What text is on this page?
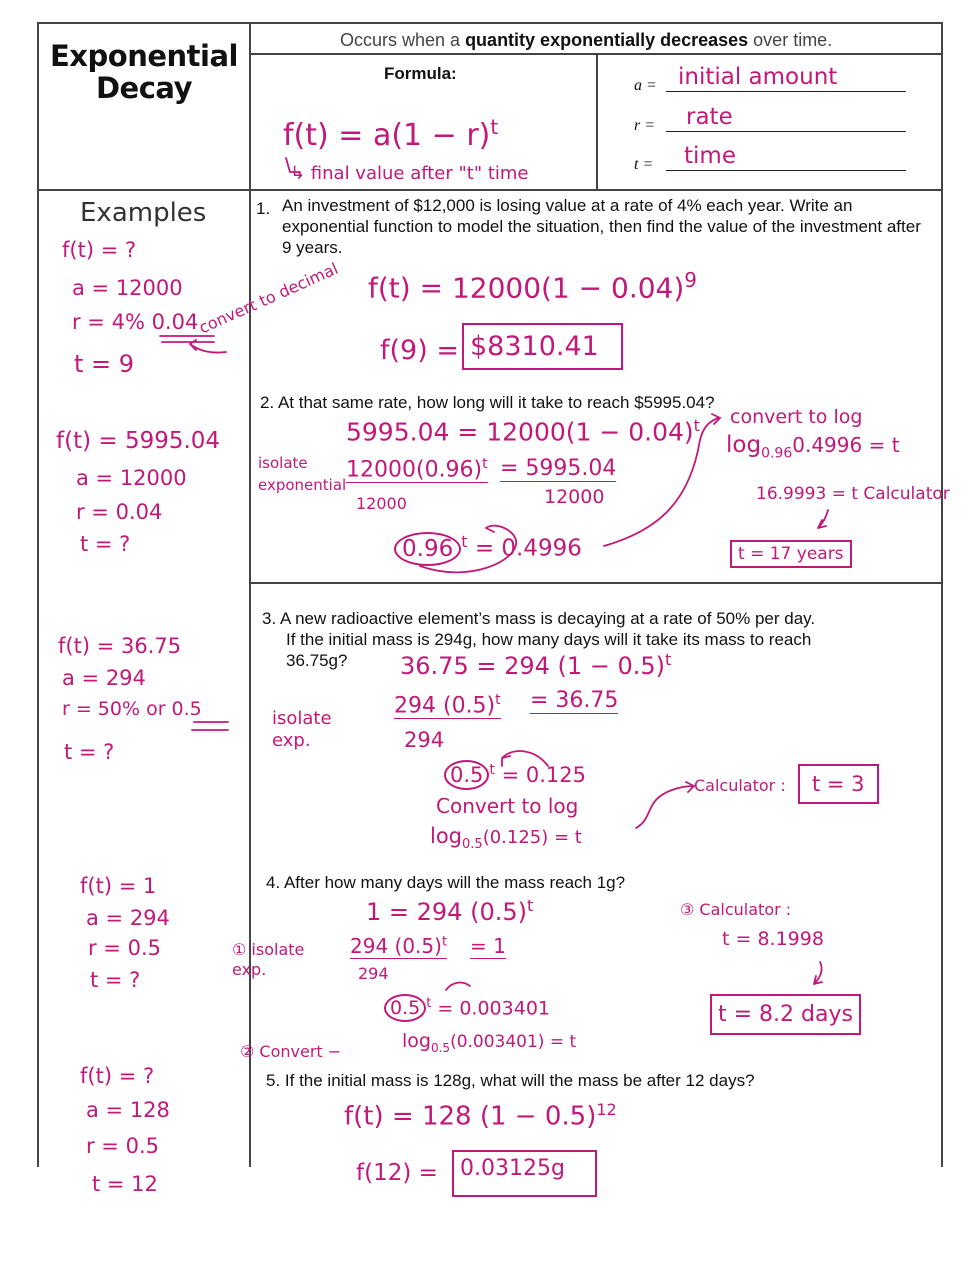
Exponential
Decay
Occurs when a quantity exponentially decreases over time.
Formula:
$f(t) = a(1 - r)^t$
↳ final value after "t" time
a = initial amount
r = rate
t = time
Examples
f(t) = ?
a = 12000
r = 4% 0.04
t = 9
convert to decimal
f(t) = 5995.04
a = 12000
r = 0.04
t = ?
f(t) = 36.75
a = 294
r = 50% or 0.5
t = ?
f(t) = 1
a = 294
r = 0.5
t = ?
f(t) = ?
a = 128
r = 0.5
t = 12
1. An investment of $12,000 is losing value at a rate of 4% each year. Write an exponential function to model the situation, then find the value of the investment after 9 years.
$f(t) = 12000(1 - 0.04)^9$
f(9) = $8310.41
2. At that same rate, how long will it take to reach $5995.04?
$5995.04 = 12000(1 - 0.04)^t$
isolate exponential
$12000(0.96)^t = 5995.04$
12000	12000
0.96 $^t$ = 0.4996
convert to log
$\log_{0.96}0.4996 = t$
16.9993 = t Calculator
t = 17 years
3. A new radioactive element’s mass is decaying at a rate of 50% per day.
If the initial mass is 294g, how many days will it take its mass to reach
36.75g? 36.75 = 294 $(1 - 0.5)^t$
isolate exp.
294 $(0.5)^t = 36.75$
294
0.5 $^t$ = 0.125
Convert to log
$\log_{0.5}(0.125) = t$
Calculator :	t = 3
4. After how many days will the mass reach 1g?
1 = 294 $(0.5)^t$
① isolate exp.
294 $(0.5)^t = 1$
294
0.5 $^t$ = 0.003401
② Convert −	$\log_{0.5}(0.003401) = t$
③ Calculator :
t = 8.1998
t = 8.2 days
5. If the initial mass is 128g, what will the mass be after 12 days?
f(t) = 128 $(1 - 0.5)^{12}$
f(12) =	0.03125g
